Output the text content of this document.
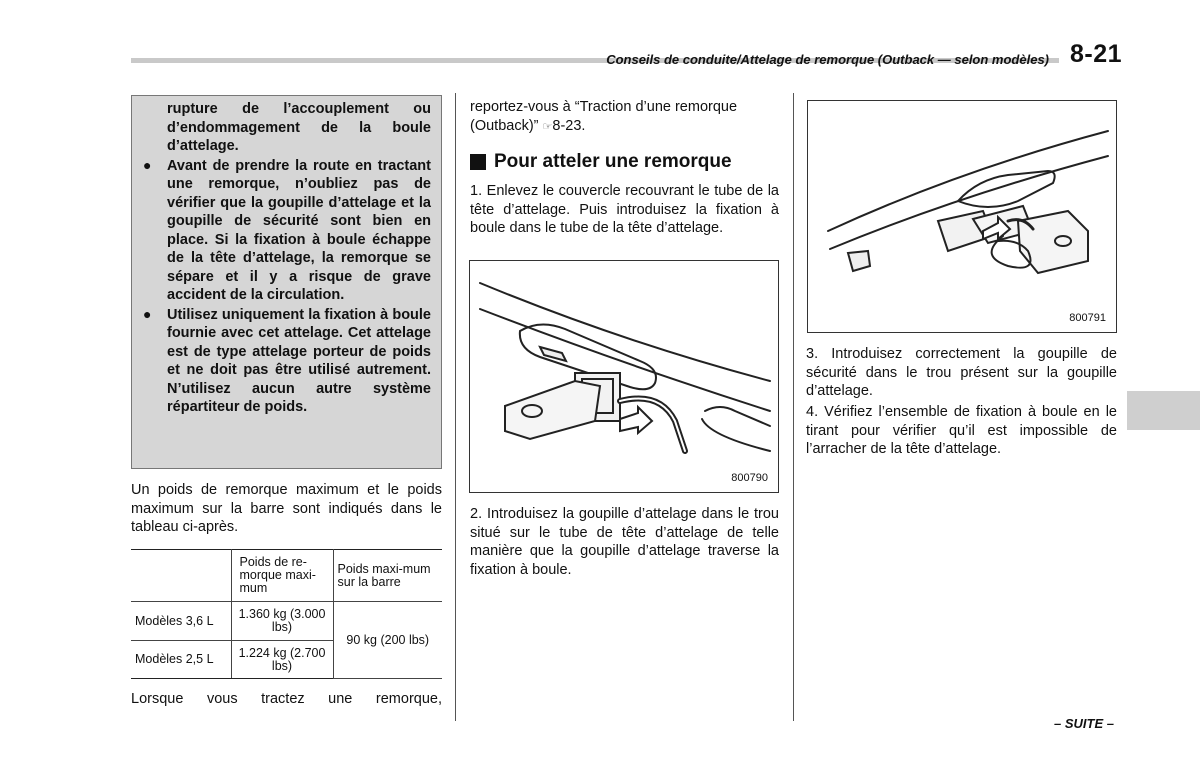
Conseils de conduite/Attelage de remorque (Outback — selon modèles) 8-21

rupture de l’accouplement ou d’endommagement de la boule d’attelage.

● Avant de prendre la route en tractant une remorque, n’oubliez pas de vérifier que la goupille d’attelage et la goupille de sécurité sont bien en place. Si la fixation à boule échappe de la tête d’attelage, la remorque se sépare et il y a risque de grave accident de la circulation.

● Utilisez uniquement la fixation à boule fournie avec cet attelage. Cet attelage est de type attelage porteur de poids et ne doit pas être utilisé autrement. N’utilisez aucun autre système répartiteur de poids.

Un poids de remorque maximum et le poids maximum sur la barre sont indiqués dans le tableau ci-après.

	Poids de re-morque maxi-mum	Poids maxi-mum sur la barre
Modèles 3,6 L	1.360 kg (3.000 lbs)	90 kg (200 lbs)
Modèles 2,5 L	1.224 kg (2.700 lbs)	

Lorsque vous tractez une remorque,

reportez-vous à “Traction d’une remorque (Outback)” ☞8-23.

Pour atteler une remorque

1. Enlevez le couvercle recouvrant le tube de la tête d’attelage. Puis introduisez la fixation à boule dans le tube de la tête d’attelage.

800790

2. Introduisez la goupille d’attelage dans le trou situé sur le tube de tête d’attelage de telle manière que la goupille d’attelage traverse la fixation à boule.

800791

3. Introduisez correctement la goupille de sécurité dans le trou présent sur la goupille d’attelage.

4. Vérifiez l’ensemble de fixation à boule en le tirant pour vérifier qu’il est impossible de l’arracher de la tête d’attelage.

– SUITE –
